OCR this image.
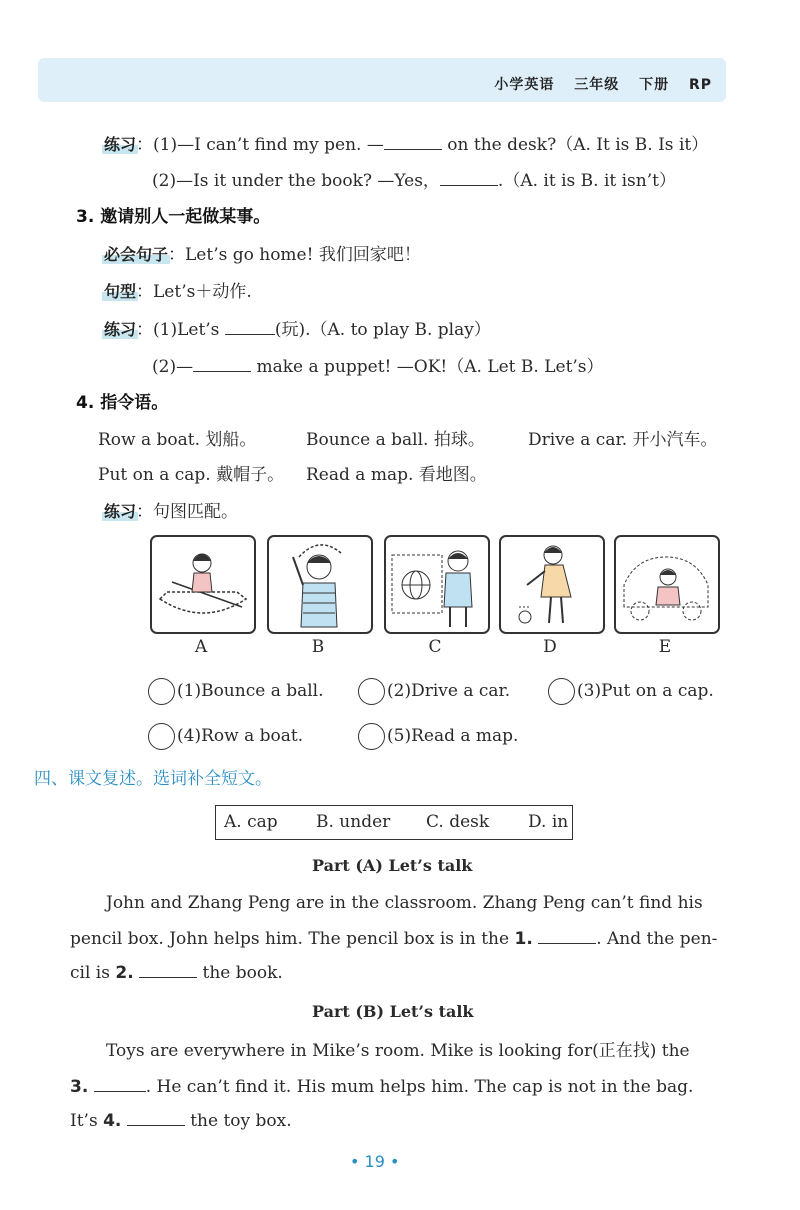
小学英语 三年级 下册 RP
练习：(1)—I can’t find my pen. —	on the desk?（A. It is B. Is it）
(2)—Is it under the book? —Yes，	.（A. it is B. it isn’t）
3. 邀请别人一起做某事。
必会句子：Let’s go home! 我们回家吧！
句型：Let’s＋动作.
练习：(1)Let’s	(玩).（A. to play B. play）
(2)—	make a puppet! —OK!（A. Let B. Let’s）
4. 指令语。
Row a boat. 划船。	Bounce a ball. 拍球。	Drive a car. 开小汽车。
Put on a cap. 戴帽子。 Read a map. 看地图。
练习：句图匹配。
A	B	C	D	E
(1)Bounce a ball.	(2)Drive a car.	(3)Put on a cap.
(4)Row a boat.	(5)Read a map.
四、课文复述。选词补全短文。
A. cap B. under C. desk D. in
Part (A) Let’s talk
John and Zhang Peng are in the classroom. Zhang Peng can’t find his
pencil box. John helps him. The pencil box is in the 1.	. And the pen-
cil is 2.	the book.
Part (B) Let’s talk
Toys are everywhere in Mike’s room. Mike is looking for(正在找) the
3.	. He can’t find it. His mum helps him. The cap is not in the bag.
It’s 4.	the toy box.
• 19 •
